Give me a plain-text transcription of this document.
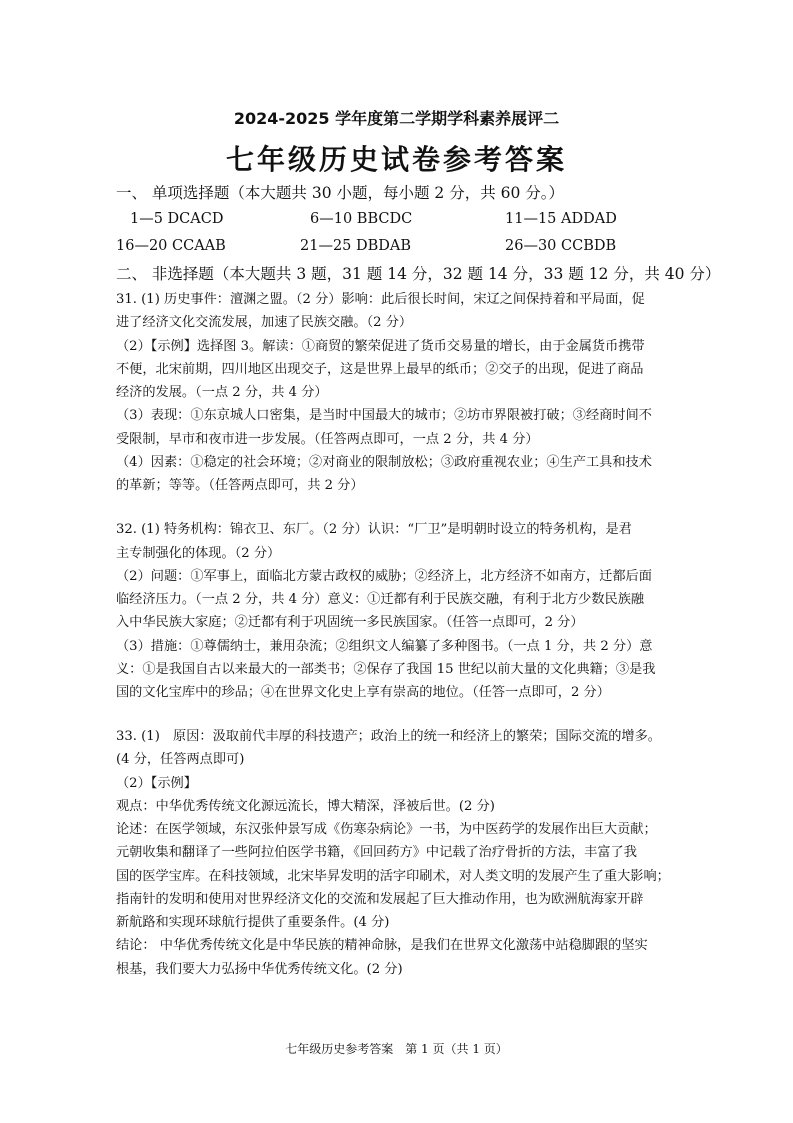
2024-2025 学年度第二学期学科素养展评二
七年级历史试卷参考答案
一、 单项选择题（本大题共 30 小题，每小题 2 分，共 60 分。）
1—5 DCACD	6—10 BBCDC	11—15 ADDAD
16—20 CCAAB	21—25 DBDAB	26—30 CCBDB
二、 非选择题（本大题共 3 题，31 题 14 分，32 题 14 分，33 题 12 分，共 40 分）
31. (1) 历史事件：澶渊之盟。（2 分）影响：此后很长时间，宋辽之间保持着和平局面，促
进了经济文化交流发展，加速了民族交融。（2 分）
（2）【示例】选择图 3。解读：①商贸的繁荣促进了货币交易量的增长，由于金属货币携带
不便，北宋前期，四川地区出现交子，这是世界上最早的纸币；②交子的出现，促进了商品
经济的发展。（一点 2 分，共 4 分）
（3）表现：①东京城人口密集，是当时中国最大的城市；②坊市界限被打破；③经商时间不
受限制，早市和夜市进一步发展。（任答两点即可，一点 2 分，共 4 分）
（4）因素：①稳定的社会环境；②对商业的限制放松；③政府重视农业；④生产工具和技术
的革新；等等。（任答两点即可，共 2 分）
32. (1) 特务机构：锦衣卫、东厂。（2 分）认识：“厂卫”是明朝时设立的特务机构，是君
主专制强化的体现。（2 分）
（2）问题：①军事上，面临北方蒙古政权的威胁；②经济上，北方经济不如南方，迁都后面
临经济压力。（一点 2 分，共 4 分）意义：①迁都有利于民族交融，有利于北方少数民族融
入中华民族大家庭；②迁都有利于巩固统一多民族国家。（任答一点即可，2 分）
（3）措施：①尊儒纳士，兼用杂流；②组织文人编纂了多种图书。（一点 1 分，共 2 分）意
义：①是我国自古以来最大的一部类书；②保存了我国 15 世纪以前大量的文化典籍；③是我
国的文化宝库中的珍品；④在世界文化史上享有崇高的地位。（任答一点即可，2 分）
33. (1)　原因：汲取前代丰厚的科技遗产；政治上的统一和经济上的繁荣；国际交流的增多。
(4 分，任答两点即可)
（2）【示例】
观点：中华优秀传统文化源远流长，博大精深，泽被后世。(2 分)
论述：在医学领域，东汉张仲景写成《伤寒杂病论》一书，为中医药学的发展作出巨大贡献；
元朝收集和翻译了一些阿拉伯医学书籍，《回回药方》中记载了治疗骨折的方法，丰富了我
国的医学宝库。在科技领域，北宋毕昇发明的活字印刷术，对人类文明的发展产生了重大影响；
指南针的发明和使用对世界经济文化的交流和发展起了巨大推动作用，也为欧洲航海家开辟
新航路和实现环球航行提供了重要条件。(4 分)
结论： 中华优秀传统文化是中华民族的精神命脉，是我们在世界文化激荡中站稳脚跟的坚实
根基，我们要大力弘扬中华优秀传统文化。(2 分)
七年级历史参考答案　第 1 页（共 1 页）
